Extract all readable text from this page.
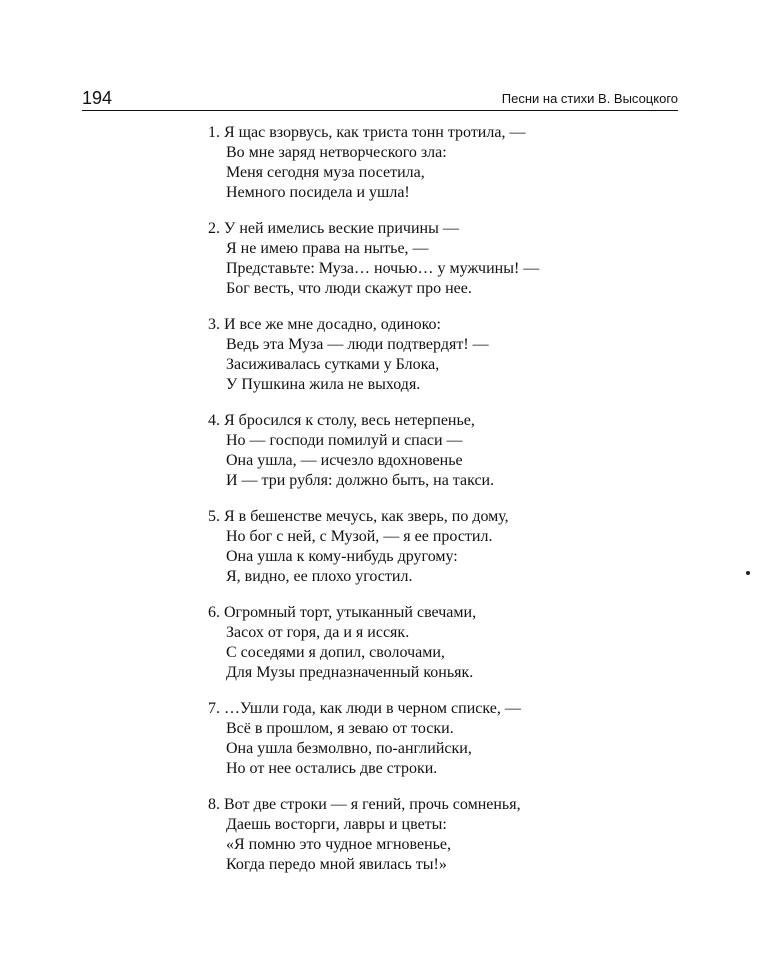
194	Песни на стихи В. Высоцкого
1. Я щас взорвусь, как триста тонн тротила, —
Во мне заряд нетворческого зла:
Меня сегодня муза посетила,
Немного посидела и ушла!
2. У ней имелись веские причины —
Я не имею права на нытье, —
Представьте: Муза… ночью… у мужчины! —
Бог весть, что люди скажут про нее.
3. И все же мне досадно, одиноко:
Ведь эта Муза — люди подтвердят! —
Засиживалась сутками у Блока,
У Пушкина жила не выходя.
4. Я бросился к столу, весь нетерпенье,
Но — господи помилуй и спаси —
Она ушла, — исчезло вдохновенье
И — три рубля: должно быть, на такси.
5. Я в бешенстве мечусь, как зверь, по дому,
Но бог с ней, с Музой, — я ее простил.
Она ушла к кому-нибудь другому:
Я, видно, ее плохо угостил.
6. Огромный торт, утыканный свечами,
Засох от горя, да и я иссяк.
С соседями я допил, сволочами,
Для Музы предназначенный коньяк.
7. …Ушли года, как люди в черном списке, —
Всё в прошлом, я зеваю от тоски.
Она ушла безмолвно, по-английски,
Но от нее остались две строки.
8. Вот две строки — я гений, прочь сомненья,
Даешь восторги, лавры и цветы:
«Я помню это чудное мгновенье,
Когда передо мной явилась ты!»
